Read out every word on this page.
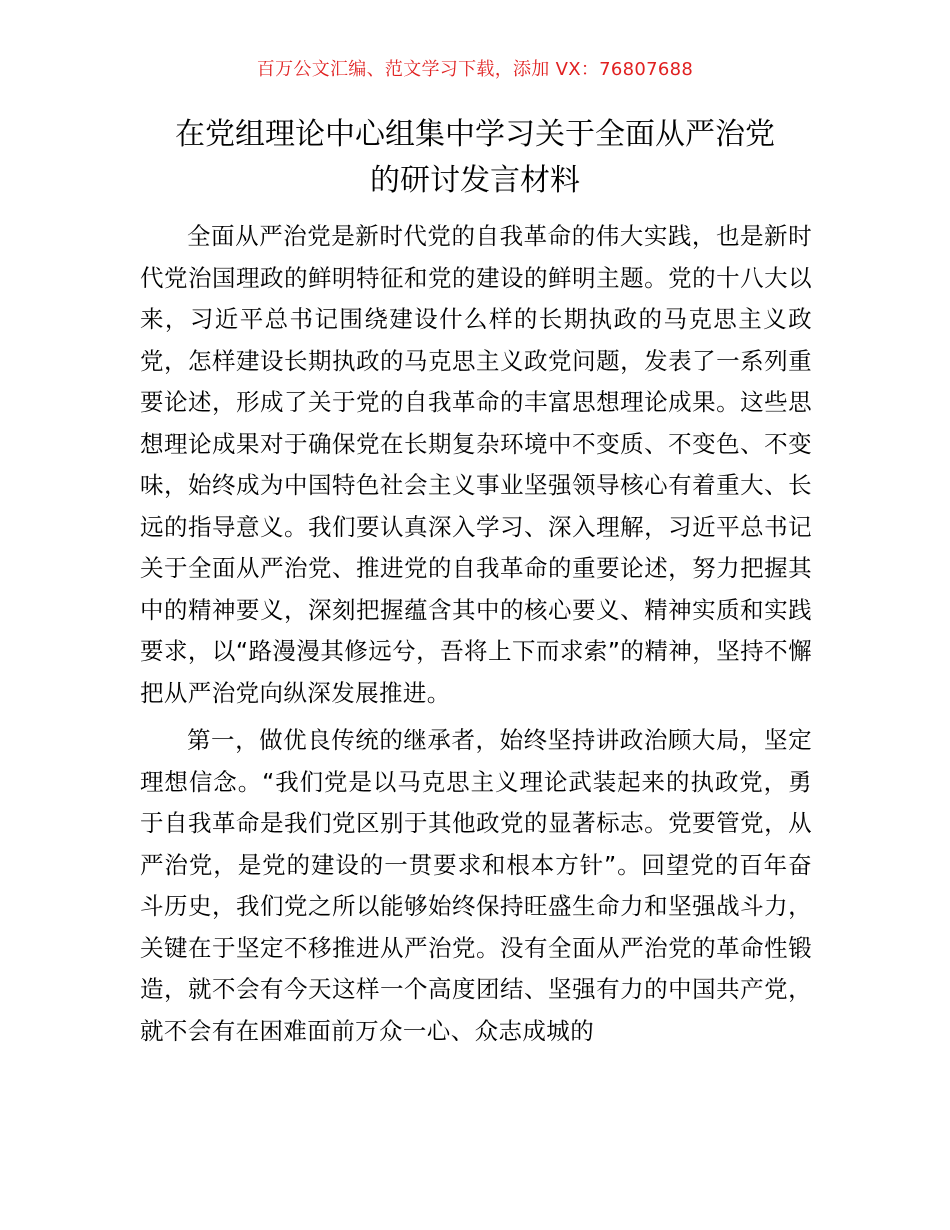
百万公文汇编、范文学习下载，添加 VX：76807688
在党组理论中心组集中学习关于全面从严治党
的研讨发言材料

全面从严治党是新时代党的自我革命的伟大实践，也是新时代党治国理政的鲜明特征和党的建设的鲜明主题。党的十八大以来，习近平总书记围绕建设什么样的长期执政的马克思主义政党，怎样建设长期执政的马克思主义政党问题，发表了一系列重要论述，形成了关于党的自我革命的丰富思想理论成果。这些思想理论成果对于确保党在长期复杂环境中不变质、不变色、不变味，始终成为中国特色社会主义事业坚强领导核心有着重大、长远的指导意义。我们要认真深入学习、深入理解，习近平总书记关于全面从严治党、推进党的自我革命的重要论述，努力把握其中的精神要义，深刻把握蕴含其中的核心要义、精神实质和实践要求，以“路漫漫其修远兮，吾将上下而求索”的精神，坚持不懈把从严治党向纵深发展推进。

第一，做优良传统的继承者，始终坚持讲政治顾大局，坚定理想信念。“我们党是以马克思主义理论武装起来的执政党，勇于自我革命是我们党区别于其他政党的显著标志。党要管党，从严治党，是党的建设的一贯要求和根本方针”。回望党的百年奋斗历史，我们党之所以能够始终保持旺盛生命力和坚强战斗力，关键在于坚定不移推进从严治党。没有全面从严治党的革命性锻造，就不会有今天这样一个高度团结、坚强有力的中国共产党，就不会有在困难面前万众一心、众志成城的
